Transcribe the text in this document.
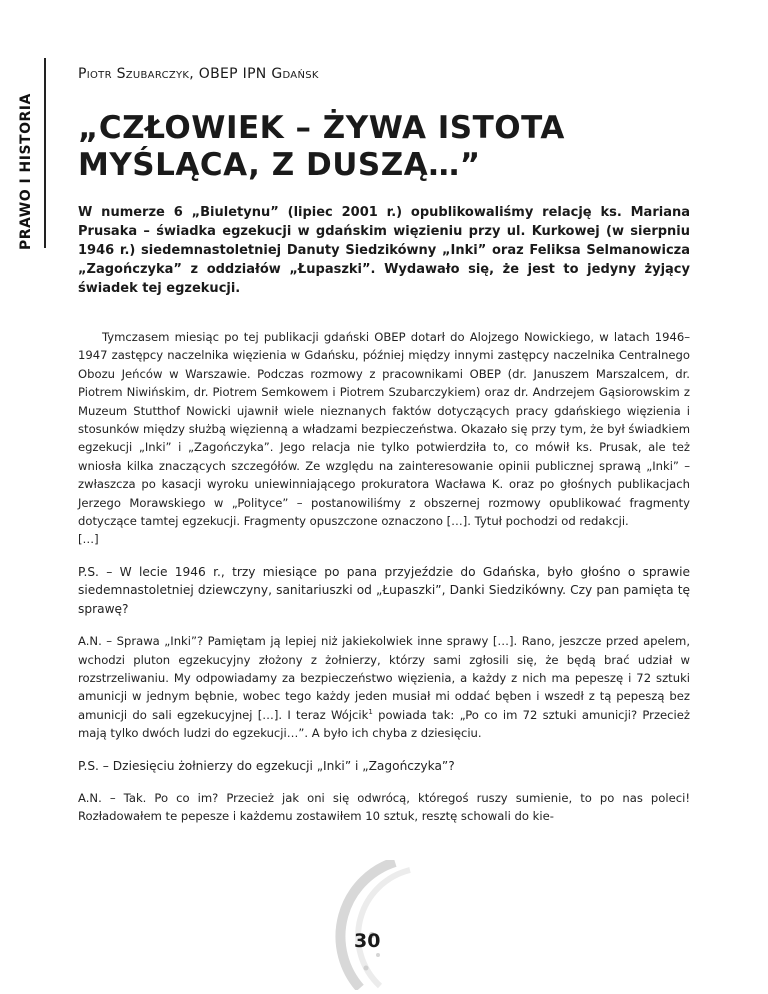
PRAWO I HISTORIA
Piotr Szubarczyk, OBEP IPN Gdańsk
„CZŁOWIEK – ŻYWA ISTOTA MYŚLĄCA, Z DUSZĄ…”

W numerze 6 „Biuletynu” (lipiec 2001 r.) opublikowaliśmy relację ks. Mariana Prusaka – świadka egzekucji w gdańskim więzieniu przy ul. Kurkowej (w sierpniu 1946 r.) siedemnastoletniej Danuty Siedzikówny „Inki” oraz Feliksa Selmanowicza „Zagończyka” z oddziałów „Łupaszki”. Wydawało się, że jest to jedyny żyjący świadek tej egzekucji.

Tymczasem miesiąc po tej publikacji gdański OBEP dotarł do Alojzego Nowickiego, w latach 1946–1947 zastępcy naczelnika więzienia w Gdańsku, później między innymi zastępcy naczelnika Centralnego Obozu Jeńców w Warszawie. Podczas rozmowy z pracownikami OBEP (dr. Januszem Marszalcem, dr. Piotrem Niwińskim, dr. Piotrem Semkowem i Piotrem Szubarczykiem) oraz dr. Andrzejem Gąsiorowskim z Muzeum Stutthof Nowicki ujawnił wiele nieznanych faktów dotyczących pracy gdańskiego więzienia i stosunków między służbą więzienną a władzami bezpieczeństwa. Okazało się przy tym, że był świadkiem egzekucji „Inki” i „Zagończyka”. Jego relacja nie tylko potwierdziła to, co mówił ks. Prusak, ale też wniosła kilka znaczących szczegółów. Ze względu na zainteresowanie opinii publicznej sprawą „Inki” – zwłaszcza po kasacji wyroku uniewinniającego prokuratora Wacława K. oraz po głośnych publikacjach Jerzego Morawskiego w „Polityce” – postanowiliśmy z obszernej rozmowy opublikować fragmenty dotyczące tamtej egzekucji. Fragmenty opuszczone oznaczono […]. Tytuł pochodzi od redakcji.

[…]

P.S. – W lecie 1946 r., trzy miesiące po pana przyjeździe do Gdańska, było głośno o sprawie siedemnastoletniej dziewczyny, sanitariuszki od „Łupaszki”, Danki Siedzikówny. Czy pan pamięta tę sprawę?

A.N. – Sprawa „Inki”? Pamiętam ją lepiej niż jakiekolwiek inne sprawy […]. Rano, jeszcze przed apelem, wchodzi pluton egzekucyjny złożony z żołnierzy, którzy sami zgłosili się, że będą brać udział w rozstrzeliwaniu. My odpowiadamy za bezpieczeństwo więzienia, a każdy z nich ma pepeszę i 72 sztuki amunicji w jednym bębnie, wobec tego każdy jeden musiał mi oddać bęben i wszedł z tą pepeszą bez amunicji do sali egzekucyjnej […]. I teraz Wójcik$^1$ powiada tak: „Po co im 72 sztuki amunicji? Przecież mają tylko dwóch ludzi do egzekucji…”. A było ich chyba z dziesięciu.

P.S. – Dziesięciu żołnierzy do egzekucji „Inki” i „Zagończyka”?

A.N. – Tak. Po co im? Przecież jak oni się odwrócą, któregoś ruszy sumienie, to po nas poleci! Rozładowałem te pepesze i każdemu zostawiłem 10 sztuk, resztę schowali do kie-

30
